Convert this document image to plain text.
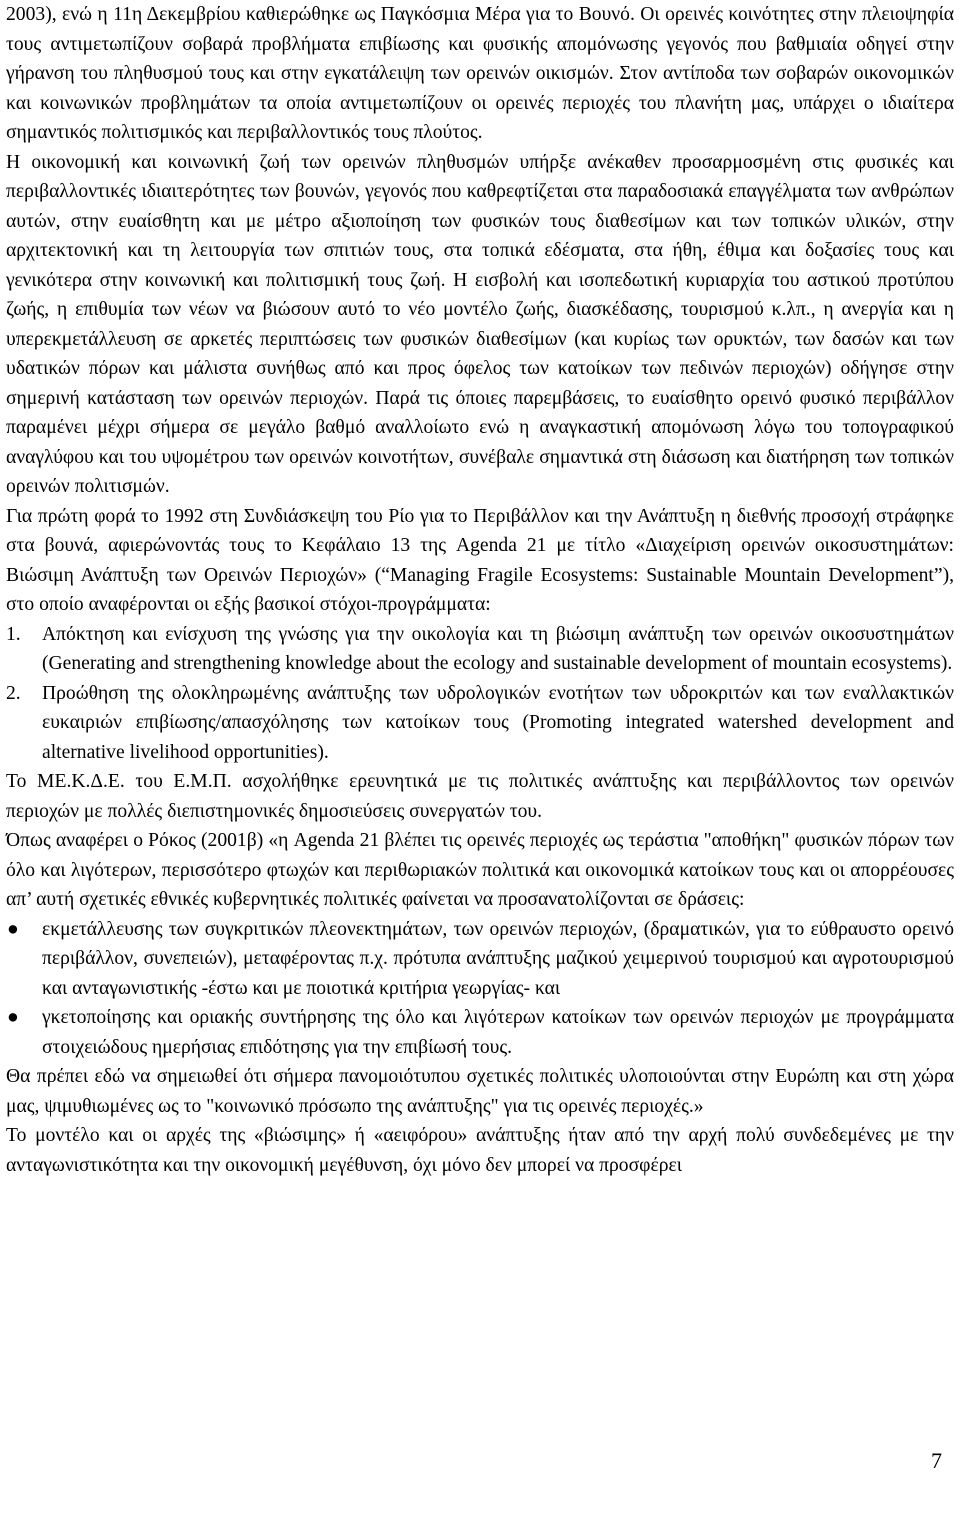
2003), ενώ η 11η Δεκεμβρίου καθιερώθηκε ως Παγκόσμια Μέρα για το Βουνό. Οι ορεινές κοινότητες στην πλειοψηφία τους αντιμετωπίζουν σοβαρά προβλήματα επιβίωσης και φυσικής απομόνωσης γεγονός που βαθμιαία οδηγεί στην γήρανση του πληθυσμού τους και στην εγκατάλειψη των ορεινών οικισμών. Στον αντίποδα των σοβαρών οικονομικών και κοινωνικών προβλημάτων τα οποία αντιμετωπίζουν οι ορεινές περιοχές του πλανήτη μας, υπάρχει ο ιδιαίτερα σημαντικός πολιτισμικός και περιβαλλοντικός τους πλούτος.

Η οικονομική και κοινωνική ζωή των ορεινών πληθυσμών υπήρξε ανέκαθεν προσαρμοσμένη στις φυσικές και περιβαλλοντικές ιδιαιτερότητες των βουνών, γεγονός που καθρεφτίζεται στα παραδοσιακά επαγγέλματα των ανθρώπων αυτών, στην ευαίσθητη και με μέτρο αξιοποίηση των φυσικών τους διαθεσίμων και των τοπικών υλικών, στην αρχιτεκτονική και τη λειτουργία των σπιτιών τους, στα τοπικά εδέσματα, στα ήθη, έθιμα και δοξασίες τους και γενικότερα στην κοινωνική και πολιτισμική τους ζωή. Η εισβολή και ισοπεδωτική κυριαρχία του αστικού προτύπου ζωής, η επιθυμία των νέων να βιώσουν αυτό το νέο μοντέλο ζωής, διασκέδασης, τουρισμού κ.λπ., η ανεργία και η υπερεκμετάλλευση σε αρκετές περιπτώσεις των φυσικών διαθεσίμων (και κυρίως των ορυκτών, των δασών και των υδατικών πόρων και μάλιστα συνήθως από και προς όφελος των κατοίκων των πεδινών περιοχών) οδήγησε στην σημερινή κατάσταση των ορεινών περιοχών. Παρά τις όποιες παρεμβάσεις, το ευαίσθητο ορεινό φυσικό περιβάλλον παραμένει μέχρι σήμερα σε μεγάλο βαθμό αναλλοίωτο ενώ η αναγκαστική απομόνωση λόγω του τοπογραφικού αναγλύφου και του υψομέτρου των ορεινών κοινοτήτων, συνέβαλε σημαντικά στη διάσωση και διατήρηση των τοπικών ορεινών πολιτισμών.

Για πρώτη φορά το 1992 στη Συνδιάσκεψη του Ρίο για το Περιβάλλον και την Ανάπτυξη η διεθνής προσοχή στράφηκε στα βουνά, αφιερώνοντάς τους το Κεφάλαιο 13 της Agenda 21 με τίτλο «Διαχείριση ορεινών οικοσυστημάτων: Βιώσιμη Ανάπτυξη των Ορεινών Περιοχών» (“Managing Fragile Ecosystems: Sustainable Mountain Development”), στο οποίο αναφέρονται οι εξής βασικοί στόχοι-προγράμματα:

1. Απόκτηση και ενίσχυση της γνώσης για την οικολογία και τη βιώσιμη ανάπτυξη των ορεινών οικοσυστημάτων (Generating and strengthening knowledge about the ecology and sustainable development of mountain ecosystems).
2. Προώθηση της ολοκληρωμένης ανάπτυξης των υδρολογικών ενοτήτων των υδροκριτών και των εναλλακτικών ευκαιριών επιβίωσης/απασχόλησης των κατοίκων τους (Promoting integrated watershed development and alternative livelihood opportunities).

Το ΜΕ.Κ.Δ.Ε. του Ε.Μ.Π. ασχολήθηκε ερευνητικά με τις πολιτικές ανάπτυξης και περιβάλλοντος των ορεινών περιοχών με πολλές διεπιστημονικές δημοσιεύσεις συνεργατών του.

Όπως αναφέρει ο Ρόκος (2001β) «η Agenda 21 βλέπει τις ορεινές περιοχές ως τεράστια "αποθήκη" φυσικών πόρων των όλο και λιγότερων, περισσότερο φτωχών και περιθωριακών πολιτικά και οικονομικά κατοίκων τους και οι απορρέουσες απ’ αυτή σχετικές εθνικές κυβερνητικές πολιτικές φαίνεται να προσανατολίζονται σε δράσεις:

● εκμετάλλευσης των συγκριτικών πλεονεκτημάτων, των ορεινών περιοχών, (δραματικών, για το εύθραυστο ορεινό περιβάλλον, συνεπειών), μεταφέροντας π.χ. πρότυπα ανάπτυξης μαζικού χειμερινού τουρισμού και αγροτουρισμού και ανταγωνιστικής -έστω και με ποιοτικά κριτήρια γεωργίας- και
● γκετοποίησης και οριακής συντήρησης της όλο και λιγότερων κατοίκων των ορεινών περιοχών με προγράμματα στοιχειώδους ημερήσιας επιδότησης για την επιβίωσή τους.

Θα πρέπει εδώ να σημειωθεί ότι σήμερα πανομοιότυπου σχετικές πολιτικές υλοποιούνται στην Ευρώπη και στη χώρα μας, ψιμυθιωμένες ως το "κοινωνικό πρόσωπο της ανάπτυξης" για τις ορεινές περιοχές.»

Το μοντέλο και οι αρχές της «βιώσιμης» ή «αειφόρου» ανάπτυξης ήταν από την αρχή πολύ συνδεδεμένες με την ανταγωνιστικότητα και την οικονομική μεγέθυνση, όχι μόνο δεν μπορεί να προσφέρει

7
